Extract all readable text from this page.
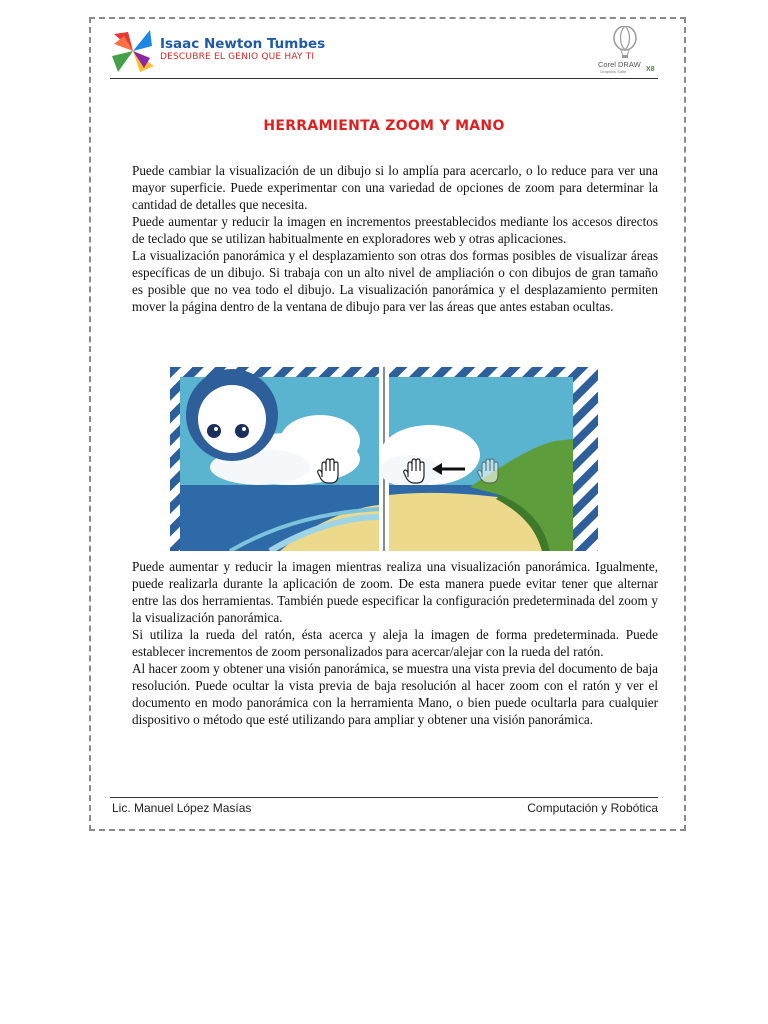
Isaac Newton Tumbes
DESCUBRE EL GENIO QUE HAY TI
Corel DRAW
Graphics Suite	X8
HERRAMIENTA ZOOM Y MANO
Puede cambiar la visualización de un dibujo si lo amplía para acercarlo, o lo reduce para ver una mayor superficie. Puede experimentar con una variedad de opciones de zoom para determinar la cantidad de detalles que necesita.
Puede aumentar y reducir la imagen en incrementos preestablecidos mediante los accesos directos de teclado que se utilizan habitualmente en exploradores web y otras aplicaciones.
La visualización panorámica y el desplazamiento son otras dos formas posibles de visualizar áreas específicas de un dibujo. Si trabaja con un alto nivel de ampliación o con dibujos de gran tamaño es posible que no vea todo el dibujo. La visualización panorámica y el desplazamiento permiten mover la página dentro de la ventana de dibujo para ver las áreas que antes estaban ocultas.
Puede aumentar y reducir la imagen mientras realiza una visualización panorámica. Igualmente, puede realizarla durante la aplicación de zoom. De esta manera puede evitar tener que alternar entre las dos herramientas. También puede especificar la configuración predeterminada del zoom y la visualización panorámica.
Si utiliza la rueda del ratón, ésta acerca y aleja la imagen de forma predeterminada. Puede establecer incrementos de zoom personalizados para acercar/alejar con la rueda del ratón.
Al hacer zoom y obtener una visión panorámica, se muestra una vista previa del documento de baja resolución. Puede ocultar la vista previa de baja resolución al hacer zoom con el ratón y ver el documento en modo panorámica con la herramienta Mano, o bien puede ocultarla para cualquier dispositivo o método que esté utilizando para ampliar y obtener una visión panorámica.
Lic. Manuel López Masías	Computación y Robótica
